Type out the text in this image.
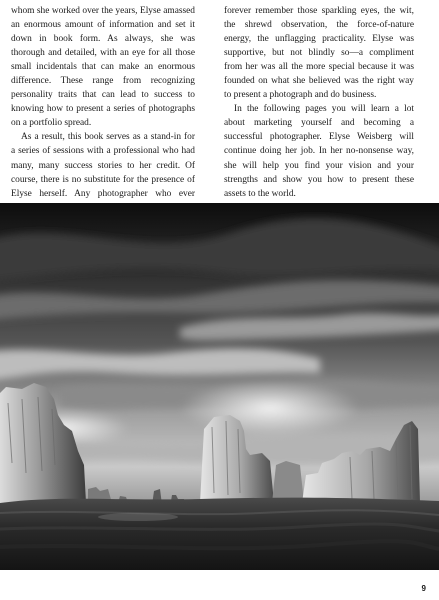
whom she worked over the years, Elyse amassed an enormous amount of information and set it down in book form. As always, she was thorough and detailed, with an eye for all those small incidentals that can make an enormous difference. These range from recognizing personality traits that can lead to success to knowing how to present a series of photographs on a portfolio spread.

As a result, this book serves as a stand-in for a series of sessions with a professional who had many, many success stories to her credit. Of course, there is no substitute for the presence of Elyse herself. Any photographer who ever

forever remember those sparkling eyes, the wit, the shrewd observation, the force-of-nature energy, the unflagging practicality. Elyse was supportive, but not blindly so—a compliment from her was all the more special because it was founded on what she believed was the right way to present a photograph and do business.

In the following pages you will learn a lot about marketing yourself and becoming a successful photographer. Elyse Weisberg will continue doing her job. In her no-nonsense way, she will help you find your vision and your strengths and show you how to present these assets to the world.

9
